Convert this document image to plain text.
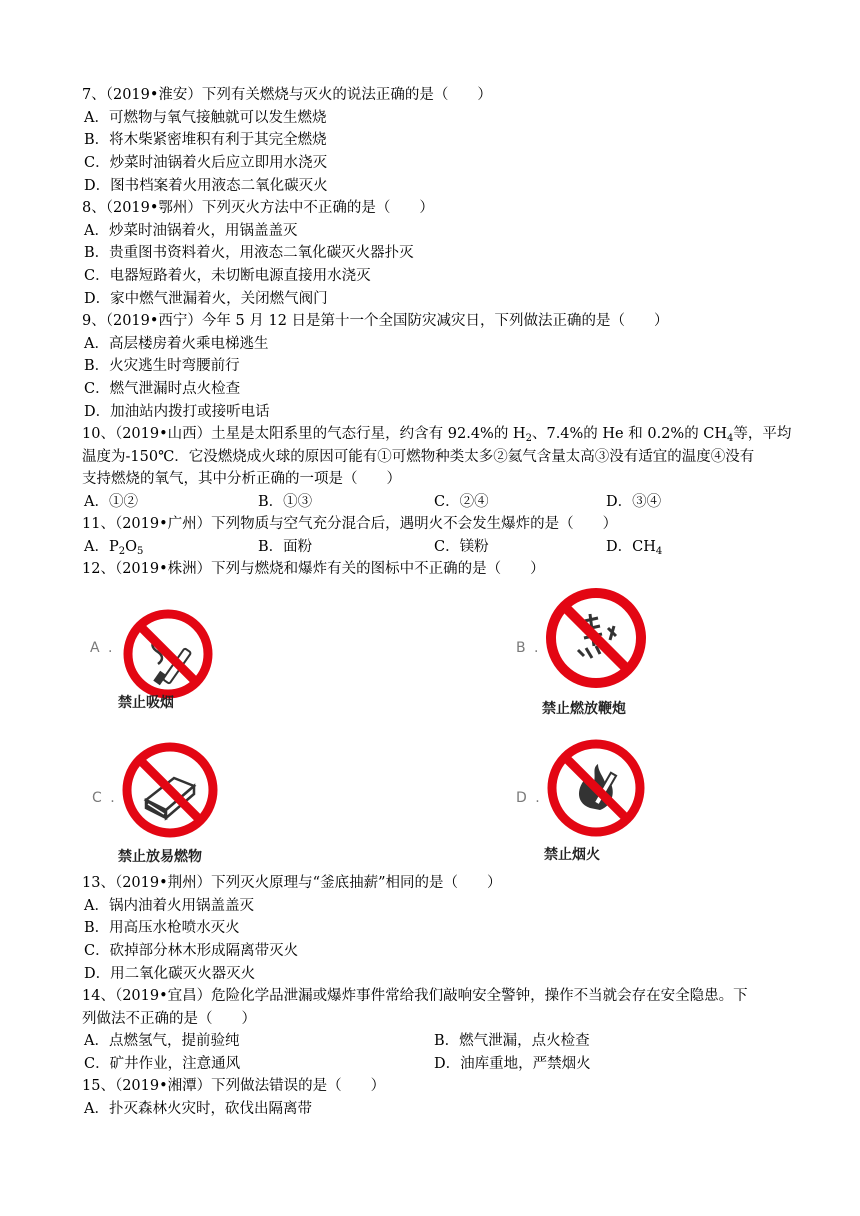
7、（2019•淮安）下列有关燃烧与灭火的说法正确的是（　　）
A．可燃物与氧气接触就可以发生燃烧
B．将木柴紧密堆积有利于其完全燃烧
C．炒菜时油锅着火后应立即用水浇灭
D．图书档案着火用液态二氧化碳灭火
8、（2019•鄂州）下列灭火方法中不正确的是（　　）
A．炒菜时油锅着火，用锅盖盖灭
B．贵重图书资料着火，用液态二氧化碳灭火器扑灭
C．电器短路着火，未切断电源直接用水浇灭
D．家中燃气泄漏着火，关闭燃气阀门
9、（2019•西宁）今年 5 月 12 日是第十一个全国防灾减灾日，下列做法正确的是（　　）
A．高层楼房着火乘电梯逃生
B．火灾逃生时弯腰前行
C．燃气泄漏时点火检查
D．加油站内拨打或接听电话
10、（2019•山西）土星是太阳系里的气态行星，约含有 92.4%的 $H_2$、7.4%的 He 和 0.2%的 $CH_4$等，平均
温度为-150℃．它没燃烧成火球的原因可能有①可燃物种类太多②氦气含量太高③没有适宜的温度④没有
支持燃烧的氧气，其中分析正确的一项是（　　）
A．①②	B．①③	C．②④	D．③④
11、（2019•广州）下列物质与空气充分混合后，遇明火不会发生爆炸的是（　　）
A．$P_2O_5$	B．面粉	C．镁粉	D．$CH_4$
12、（2019•株洲）下列与燃烧和爆炸有关的图标中不正确的是（　　）
A .
禁止吸烟
B .
禁止燃放鞭炮
C .
禁止放易燃物
D .
禁止烟火
13、（2019•荆州）下列灭火原理与“釜底抽薪”相同的是（　　）
A．锅内油着火用锅盖盖灭
B．用高压水枪喷水灭火
C．砍掉部分林木形成隔离带灭火
D．用二氧化碳灭火器灭火
14、（2019•宜昌）危险化学品泄漏或爆炸事件常给我们敲响安全警钟，操作不当就会存在安全隐患。下
列做法不正确的是（　　）
A．点燃氢气，提前验纯	B．燃气泄漏，点火检查
C．矿井作业，注意通风	D．油库重地，严禁烟火
15、（2019•湘潭）下列做法错误的是（　　）
A．扑灭森林火灾时，砍伐出隔离带
